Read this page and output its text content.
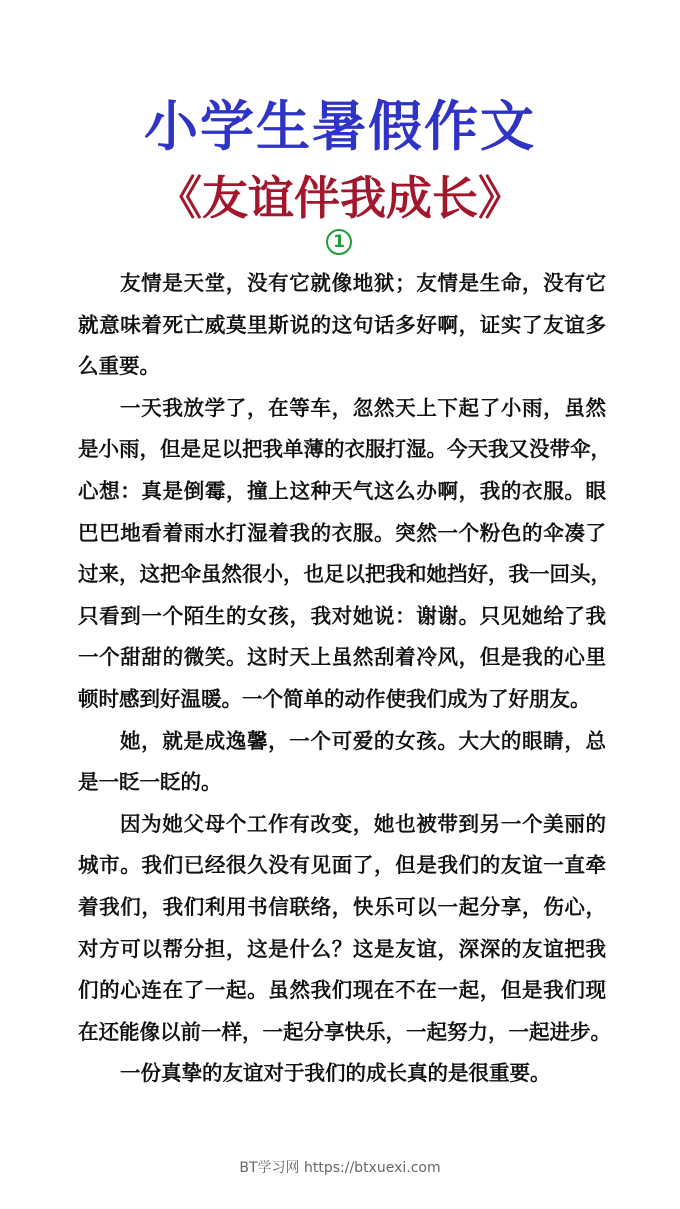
小学生暑假作文
《友谊伴我成长》
1
友情是天堂，没有它就像地狱；友情是生命，没有它
就意味着死亡威莫里斯说的这句话多好啊，证实了友谊多
么重要。
一天我放学了，在等车，忽然天上下起了小雨，虽然
是小雨，但是足以把我单薄的衣服打湿。今天我又没带伞，
心想：真是倒霉，撞上这种天气这么办啊，我的衣服。眼
巴巴地看着雨水打湿着我的衣服。突然一个粉色的伞凑了
过来，这把伞虽然很小，也足以把我和她挡好，我一回头，
只看到一个陌生的女孩，我对她说：谢谢。只见她给了我
一个甜甜的微笑。这时天上虽然刮着冷风，但是我的心里
顿时感到好温暖。一个简单的动作使我们成为了好朋友。
她，就是成逸馨，一个可爱的女孩。大大的眼睛，总
是一眨一眨的。
因为她父母个工作有改变，她也被带到另一个美丽的
城市。我们已经很久没有见面了，但是我们的友谊一直牵
着我们，我们利用书信联络，快乐可以一起分享，伤心，
对方可以帮分担，这是什么？这是友谊，深深的友谊把我
们的心连在了一起。虽然我们现在不在一起，但是我们现
在还能像以前一样，一起分享快乐，一起努力，一起进步。
一份真挚的友谊对于我们的成长真的是很重要。
BT学习网 https://btxuexi.com
